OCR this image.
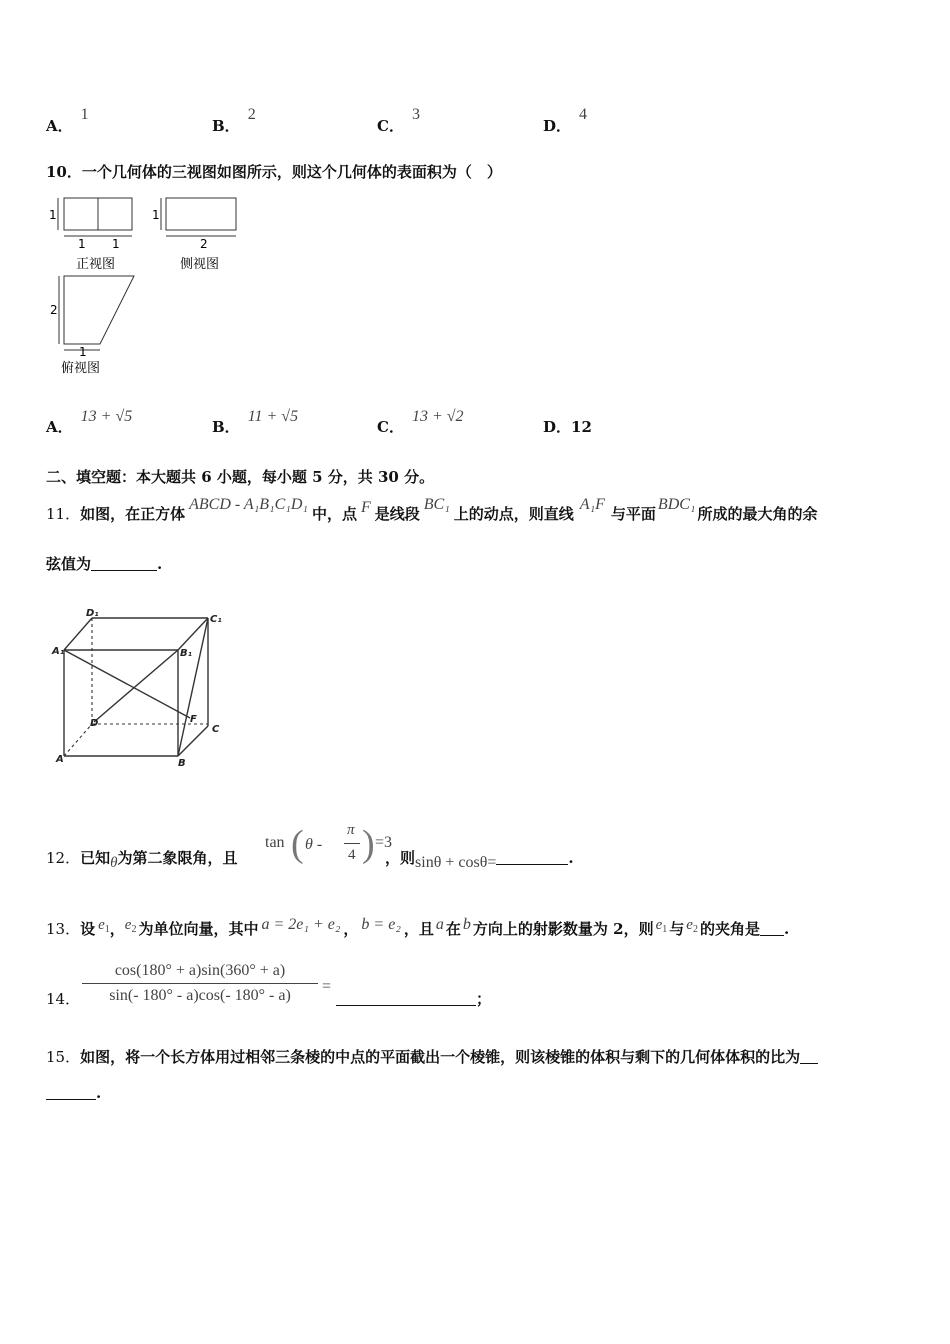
A．1
B．2
C．3
D．4
10．一个几何体的三视图如图所示，则这个几何体的表面积为（　）
1
1 1
正视图
1
2
侧视图
2
1
俯视图
A．13 + √5
B．11 + √5
C．13 + √2
D．12
二、填空题：本大题共 6 小题，每小题 5 分，共 30 分。
11．如图，在正方体ABCD - A₁B₁C₁D₁中，点 F 是线段BC₁上的动点，则直线A₁F与平面BDC₁所成的最大角的余
弦值为	.
D₁
C₁
A₁	B₁
D	F
C
A	B
12．已知θ为第二象限角，且
tan ( θ -
π
4 ) =3
，则sinθ + cosθ=	.
13．设 $e_1$，$e_2$ 为单位向量，其中 a = 2e₁ + e₂ ， b = e₂ ，且 a 在 b 方向上的射影数量为 2，则 $e_1$ 与 $e_2$ 的夹角是 .
14．
cos(180° + a)sin(360° + a)
sin(- 180° - a)cos(- 180° - a)
=
；
15．如图，将一个长方体用过相邻三条棱的中点的平面截出一个棱锥，则该棱锥的体积与剩下的几何体体积的比为
.
